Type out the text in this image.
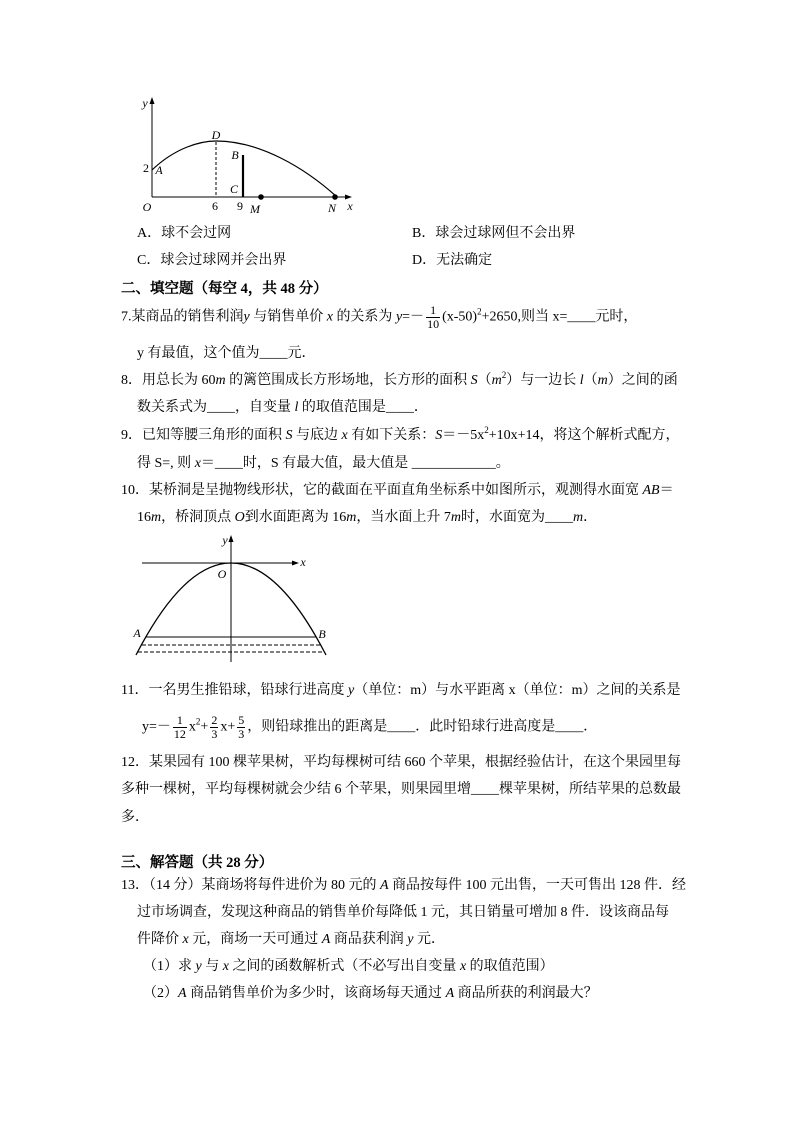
y
D
B
2 A
C
O	6 9 M	N x
A．球不会过网	B．球会过球网但不会出界
C．球会过球网并会出界	D．无法确定
二、填空题（每空 4，共 48 分）
7.某商品的销售利润y 与销售单价 x 的关系为 $y=- \frac{1}{10} (x-50)^2+2650$,则当 x=____元时，
y 有最值，这个值为____元．
8．用总长为 60m 的篱笆围成长方形场地，长方形的面积 $S(m^2)$与一边长 l（m）之间的函
数关系式为____，自变量 l 的取值范围是____．
9．已知等腰三角形的面积 S 与底边 x 有如下关系：$S=-5x^2+10x+14$，将这个解析式配方，
得 S=, 则 x＝____时，S 有最大值，最大值是 ____________。
10．某桥洞是呈抛物线形状，它的截面在平面直角坐标系中如图所示，观测得水面宽 AB＝
16m，桥洞顶点 O到水面距离为 16m，当水面上升 7m时，水面宽为____m．
x
y
O
A	B
11．一名男生推铅球，铅球行进高度 y（单位：m）与水平距离 x（单位：m）之间的关系是
$y=- \frac{1}{12} x^2+ \frac{2}{3} x+ \frac{5}{3}$ ，则铅球推出的距离是____．此时铅球行进高度是____．
12．某果园有 100 棵苹果树，平均每棵树可结 660 个苹果，根据经验估计，在这个果园里每
多种一棵树，平均每棵树就会少结 6 个苹果，则果园里增____棵苹果树，所结苹果的总数最
多．
三、解答题（共 28 分）
13．（14 分）某商场将每件进价为 80 元的 A 商品按每件 100 元出售，一天可售出 128 件．经
过市场调查，发现这种商品的销售单价每降低 1 元，其日销量可增加 8 件．设该商品每
件降价 x 元，商场一天可通过 A 商品获利润 y 元．
（1）求 y 与 x 之间的函数解析式（不必写出自变量 x 的取值范围）
（2）A 商品销售单价为多少时，该商场每天通过 A 商品所获的利润最大？
